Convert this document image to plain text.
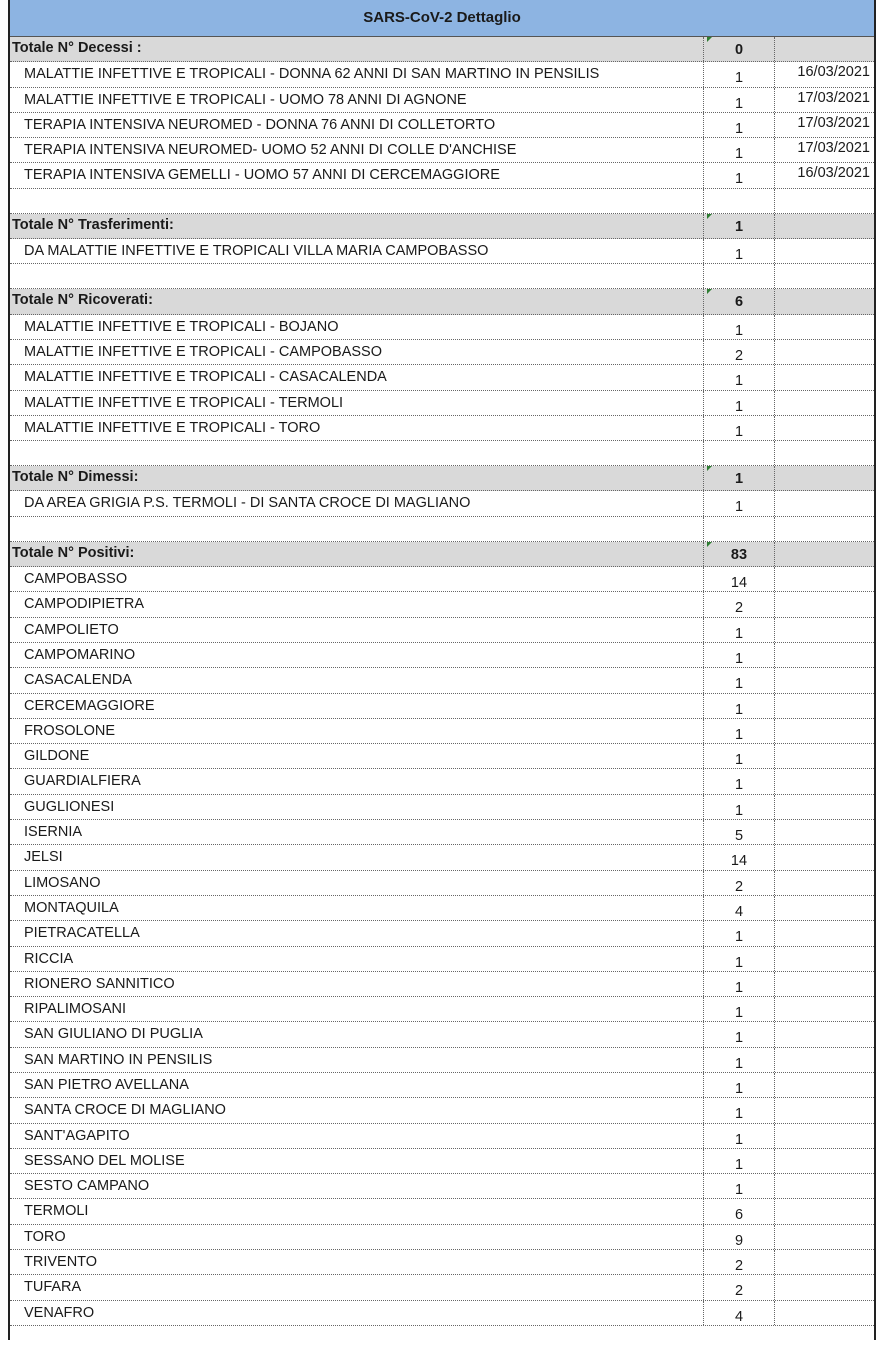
SARS-CoV-2 Dettaglio
Totale N° Decessi :	0
MALATTIE INFETTIVE E TROPICALI - DONNA 62 ANNI DI SAN MARTINO IN PENSILIS	1	16/03/2021
MALATTIE INFETTIVE E TROPICALI - UOMO 78 ANNI DI AGNONE	1	17/03/2021
TERAPIA INTENSIVA NEUROMED - DONNA 76 ANNI DI COLLETORTO	1	17/03/2021
TERAPIA INTENSIVA NEUROMED- UOMO 52 ANNI DI COLLE D'ANCHISE	1	17/03/2021
TERAPIA INTENSIVA GEMELLI - UOMO 57 ANNI DI CERCEMAGGIORE	1	16/03/2021
Totale N° Trasferimenti:	1
DA MALATTIE INFETTIVE E TROPICALI VILLA MARIA CAMPOBASSO	1
Totale N° Ricoverati:	6
MALATTIE INFETTIVE E TROPICALI - BOJANO	1
MALATTIE INFETTIVE E TROPICALI - CAMPOBASSO	2
MALATTIE INFETTIVE E TROPICALI - CASACALENDA	1
MALATTIE INFETTIVE E TROPICALI - TERMOLI	1
MALATTIE INFETTIVE E TROPICALI - TORO	1
Totale N° Dimessi:	1
DA AREA GRIGIA P.S. TERMOLI - DI SANTA CROCE DI MAGLIANO	1
Totale N° Positivi:	83
CAMPOBASSO	14
CAMPODIPIETRA	2
CAMPOLIETO	1
CAMPOMARINO	1
CASACALENDA	1
CERCEMAGGIORE	1
FROSOLONE	1
GILDONE	1
GUARDIALFIERA	1
GUGLIONESI	1
ISERNIA	5
JELSI	14
LIMOSANO	2
MONTAQUILA	4
PIETRACATELLA	1
RICCIA	1
RIONERO SANNITICO	1
RIPALIMOSANI	1
SAN GIULIANO DI PUGLIA	1
SAN MARTINO IN PENSILIS	1
SAN PIETRO AVELLANA	1
SANTA CROCE DI MAGLIANO	1
SANT'AGAPITO	1
SESSANO DEL MOLISE	1
SESTO CAMPANO	1
TERMOLI	6
TORO	9
TRIVENTO	2
TUFARA	2
VENAFRO	4
